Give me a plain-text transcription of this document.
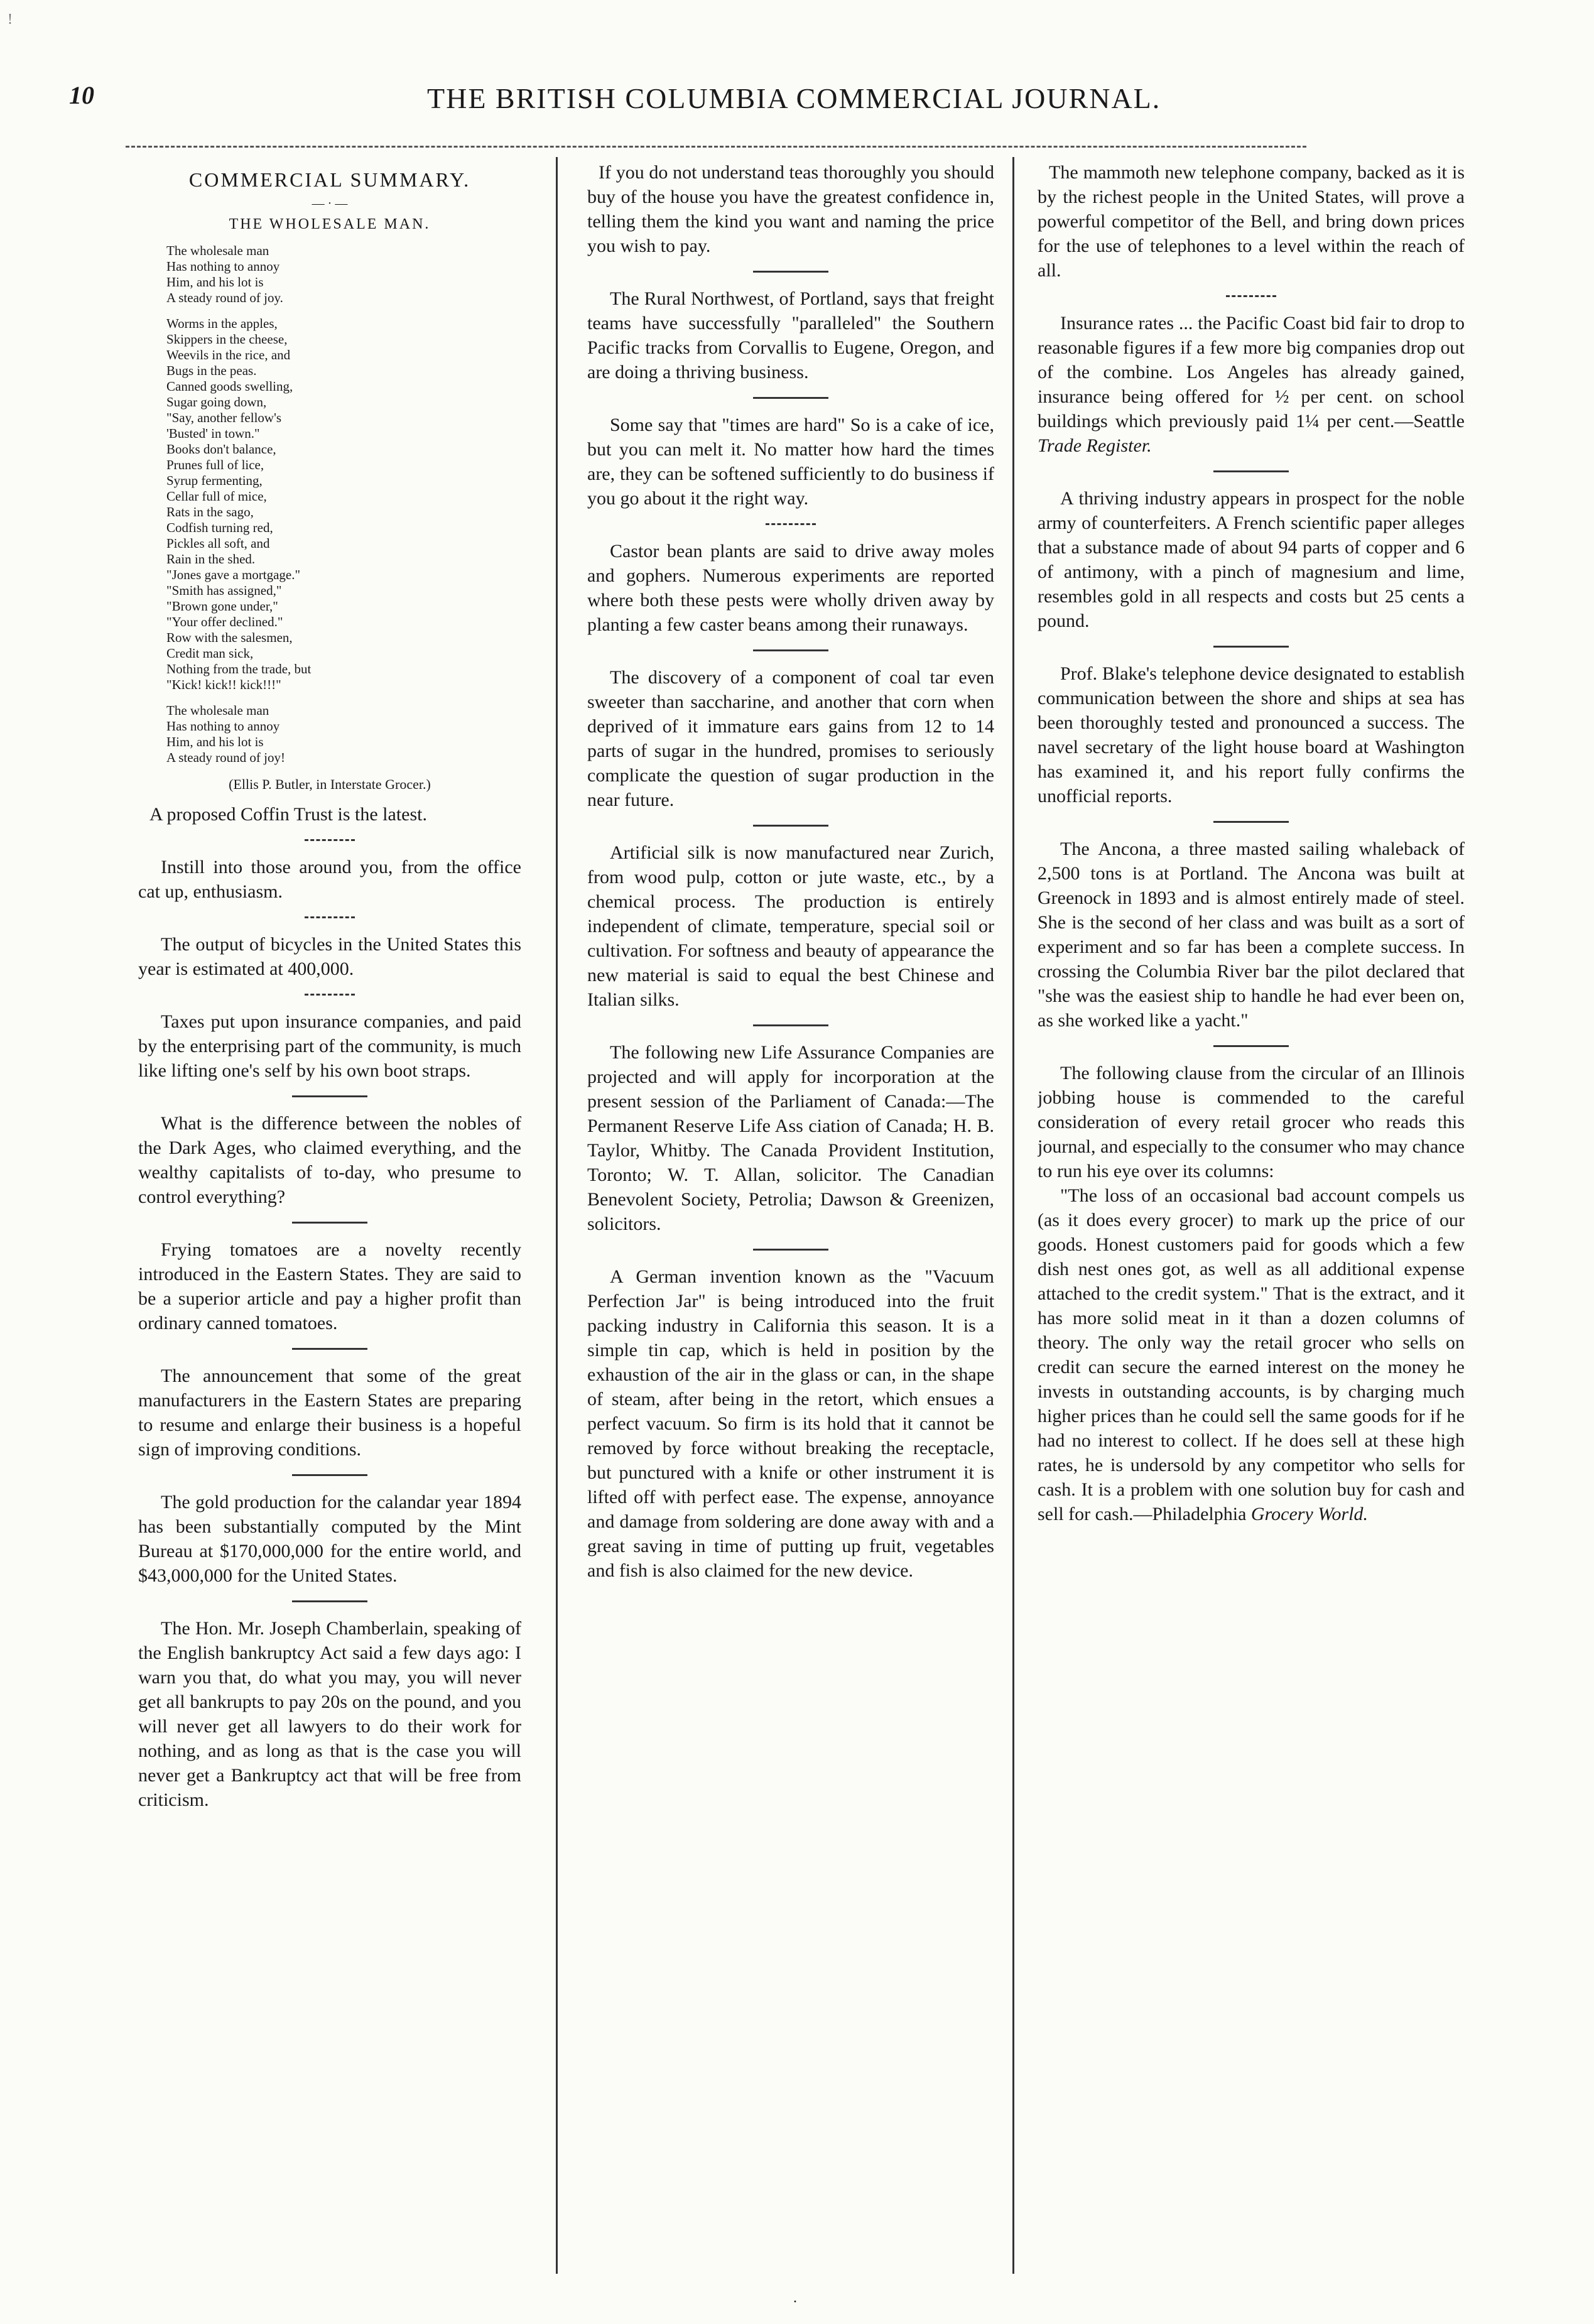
!
10	THE BRITISH COLUMBIA COMMERCIAL JOURNAL.
COMMERCIAL SUMMARY.
— · —
THE WHOLESALE MAN.
The wholesale man
Has nothing to annoy
Him, and his lot is
A steady round of joy.
Worms in the apples,
Skippers in the cheese,
Weevils in the rice, and
Bugs in the peas.
Canned goods swelling,
Sugar going down,
"Say, another fellow's
'Busted' in town."
Books don't balance,
Prunes full of lice,
Syrup fermenting,
Cellar full of mice,
Rats in the sago,
Codfish turning red,
Pickles all soft, and
Rain in the shed.
"Jones gave a mortgage."
"Smith has assigned,"
"Brown gone under,"
"Your offer declined."
Row with the salesmen,
Credit man sick,
Nothing from the trade, but
"Kick! kick!! kick!!!"
The wholesale man
Has nothing to annoy
Him, and his lot is
A steady round of joy!
(Ellis P. Butler, in Interstate Grocer.)

A proposed Coffin Trust is the latest.

Instill into those around you, from the office cat up, enthusiasm.

The output of bicycles in the United States this year is estimated at 400,000.

Taxes put upon insurance companies, and paid by the enterprising part of the community, is much like lifting one's self by his own boot straps.

What is the difference between the nobles of the Dark Ages, who claimed everything, and the wealthy capitalists of to-day, who presume to control everything?

Frying tomatoes are a novelty recently introduced in the Eastern States. They are said to be a superior article and pay a higher profit than ordinary canned tomatoes.

The announcement that some of the great manufacturers in the Eastern States are preparing to resume and enlarge their business is a hopeful sign of improving conditions.

The gold production for the calandar year 1894 has been substantially computed by the Mint Bureau at $170,000,000 for the entire world, and $43,000,000 for the United States.

The Hon. Mr. Joseph Chamberlain, speaking of the English bankruptcy Act said a few days ago: I warn you that, do what you may, you will never get all bankrupts to pay 20s on the pound, and you will never get all lawyers to do their work for nothing, and as long as that is the case you will never get a Bankruptcy act that will be free from criticism.

If you do not understand teas thoroughly you should buy of the house you have the greatest confidence in, telling them the kind you want and naming the price you wish to pay.

The Rural Northwest, of Portland, says that freight teams have successfully "paralleled" the Southern Pacific tracks from Corvallis to Eugene, Oregon, and are doing a thriving business.

Some say that "times are hard" So is a cake of ice, but you can melt it. No matter how hard the times are, they can be softened sufficiently to do business if you go about it the right way.

Castor bean plants are said to drive away moles and gophers. Numerous experiments are reported where both these pests were wholly driven away by planting a few caster beans among their runaways.

The discovery of a component of coal tar even sweeter than saccharine, and another that corn when deprived of it immature ears gains from 12 to 14 parts of sugar in the hundred, promises to seriously complicate the question of sugar production in the near future.

Artificial silk is now manufactured near Zurich, from wood pulp, cotton or jute waste, etc., by a chemical process. The production is entirely independent of climate, temperature, special soil or cultivation. For softness and beauty of appearance the new material is said to equal the best Chinese and Italian silks.

The following new Life Assurance Companies are projected and will apply for incorporation at the present session of the Parliament of Canada:—The Permanent Reserve Life Ass ciation of Canada; H. B. Taylor, Whitby. The Canada Provident Institution, Toronto; W. T. Allan, solicitor. The Canadian Benevolent Society, Petrolia; Dawson & Greenizen, solicitors.

A German invention known as the "Vacuum Perfection Jar" is being introduced into the fruit packing industry in California this season. It is a simple tin cap, which is held in position by the exhaustion of the air in the glass or can, in the shape of steam, after being in the retort, which ensues a perfect vacuum. So firm is its hold that it cannot be removed by force without breaking the receptacle, but punctured with a knife or other instrument it is lifted off with perfect ease. The expense, annoyance and damage from soldering are done away with and a great saving in time of putting up fruit, vegetables and fish is also claimed for the new device.

The mammoth new telephone company, backed as it is by the richest people in the United States, will prove a powerful competitor of the Bell, and bring down prices for the use of telephones to a level within the reach of all.

Insurance rates ... the Pacific Coast bid fair to drop to reasonable figures if a few more big companies drop out of the combine. Los Angeles has already gained, insurance being offered for ½ per cent. on school buildings which previously paid 1¼ per cent.—Seattle Trade Register.

A thriving industry appears in prospect for the noble army of counterfeiters. A French scientific paper alleges that a substance made of about 94 parts of copper and 6 of antimony, with a pinch of magnesium and lime, resembles gold in all respects and costs but 25 cents a pound.

Prof. Blake's telephone device designated to establish communication between the shore and ships at sea has been thoroughly tested and pronounced a success. The navel secretary of the light house board at Washington has examined it, and his report fully confirms the unofficial reports.

The Ancona, a three masted sailing whaleback of 2,500 tons is at Portland. The Ancona was built at Greenock in 1893 and is almost entirely made of steel. She is the second of her class and was built as a sort of experiment and so far has been a complete success. In crossing the Columbia River bar the pilot declared that "she was the easiest ship to handle he had ever been on, as she worked like a yacht."

The following clause from the circular of an Illinois jobbing house is commended to the careful consideration of every retail grocer who reads this journal, and especially to the consumer who may chance to run his eye over its columns:

"The loss of an occasional bad account compels us (as it does every grocer) to mark up the price of our goods. Honest customers paid for goods which a few dish nest ones got, as well as all additional expense attached to the credit system." That is the extract, and it has more solid meat in it than a dozen columns of theory. The only way the retail grocer who sells on credit can secure the earned interest on the money he invests in outstanding accounts, is by charging much higher prices than he could sell the same goods for if he had no interest to collect. If he does sell at these high rates, he is undersold by any competitor who sells for cash. It is a problem with one solution buy for cash and sell for cash.—Philadelphia Grocery World.

·
